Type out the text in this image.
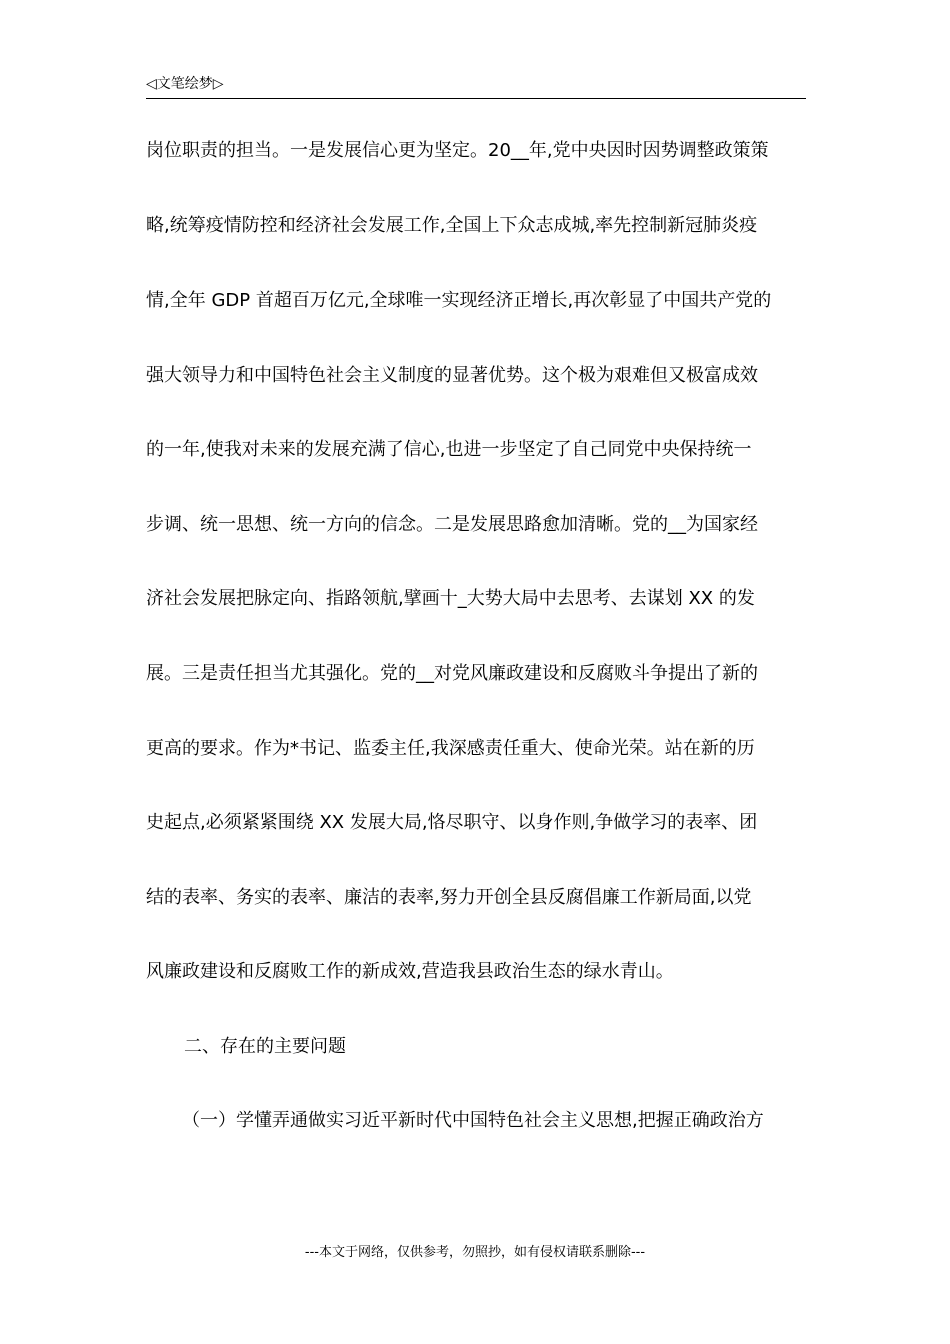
◁文笔绘梦▷
岗位职责的担当。一是发展信心更为坚定。20__年,党中央因时因势调整政策策
略,统筹疫情防控和经济社会发展工作,全国上下众志成城,率先控制新冠肺炎疫
情,全年 GDP 首超百万亿元,全球唯一实现经济正增长,再次彰显了中国共产党的
强大领导力和中国特色社会主义制度的显著优势。这个极为艰难但又极富成效
的一年,使我对未来的发展充满了信心,也进一步坚定了自己同党中央保持统一
步调、统一思想、统一方向的信念。二是发展思路愈加清晰。党的__为国家经
济社会发展把脉定向、指路领航,擘画十_大势大局中去思考、去谋划 XX 的发
展。三是责任担当尤其强化。党的__对党风廉政建设和反腐败斗争提出了新的
更高的要求。作为*书记、监委主任,我深感责任重大、使命光荣。站在新的历
史起点,必须紧紧围绕 XX 发展大局,恪尽职守、以身作则,争做学习的表率、团
结的表率、务实的表率、廉洁的表率,努力开创全县反腐倡廉工作新局面,以党
风廉政建设和反腐败工作的新成效,营造我县政治生态的绿水青山。
二、存在的主要问题
（一）学懂弄通做实习近平新时代中国特色社会主义思想,把握正确政治方
---本文于网络，仅供参考，勿照抄，如有侵权请联系删除---
